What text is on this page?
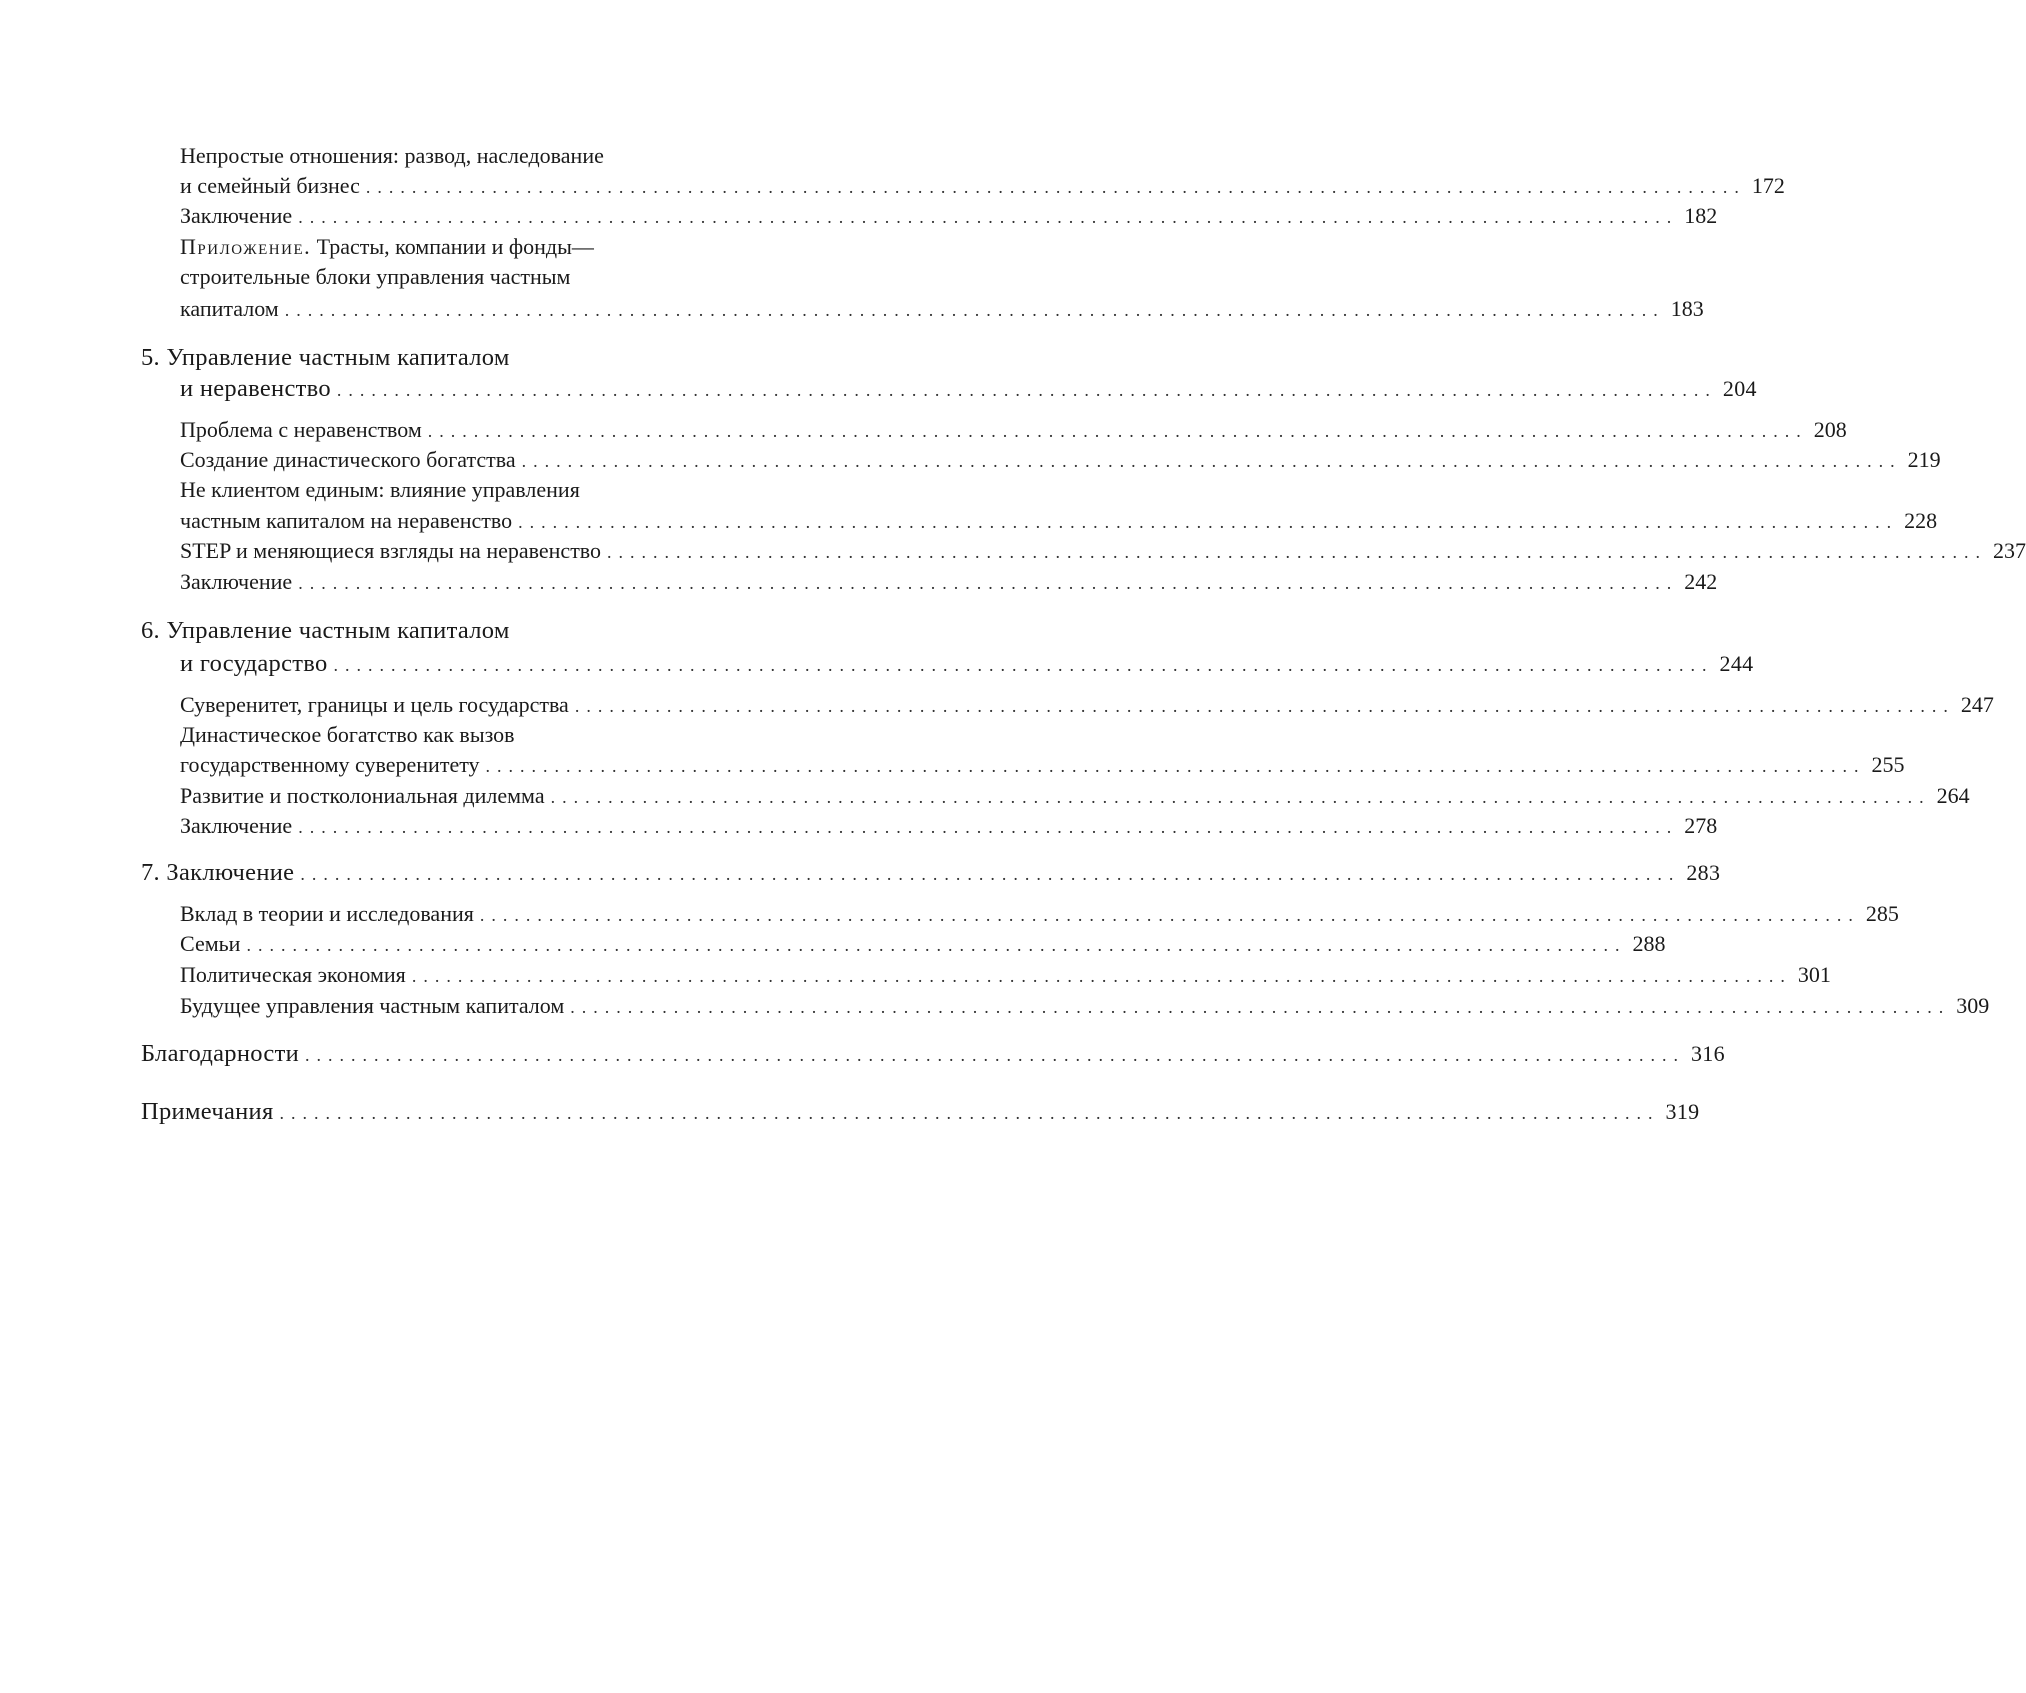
Непростые отношения: развод, наследование
и семейный бизнес ........................................................................................................................ 172
Заключение ........................................................................................................................ 182
Приложение. Трасты, компании и фонды—
строительные блоки управления частным
капиталом ........................................................................................................................ 183
5. Управление частным капиталом
и неравенство ........................................................................................................................ 204
Проблема с неравенством ........................................................................................................................ 208
Создание династического богатства ........................................................................................................................ 219
Не клиентом единым: влияние управления
частным капиталом на неравенство ........................................................................................................................ 228
STEP и меняющиеся взгляды на неравенство ........................................................................................................................ 237
Заключение ........................................................................................................................ 242
6. Управление частным капиталом
и государство ........................................................................................................................ 244
Суверенитет, границы и цель государства ........................................................................................................................ 247
Династическое богатство как вызов
государственному суверенитету ........................................................................................................................ 255
Развитие и постколониальная дилемма ........................................................................................................................ 264
Заключение ........................................................................................................................ 278
7. Заключение ........................................................................................................................ 283
Вклад в теории и исследования ........................................................................................................................ 285
Семьи ........................................................................................................................ 288
Политическая экономия ........................................................................................................................ 301
Будущее управления частным капиталом ........................................................................................................................ 309
Благодарности ........................................................................................................................ 316
Примечания ........................................................................................................................ 319
